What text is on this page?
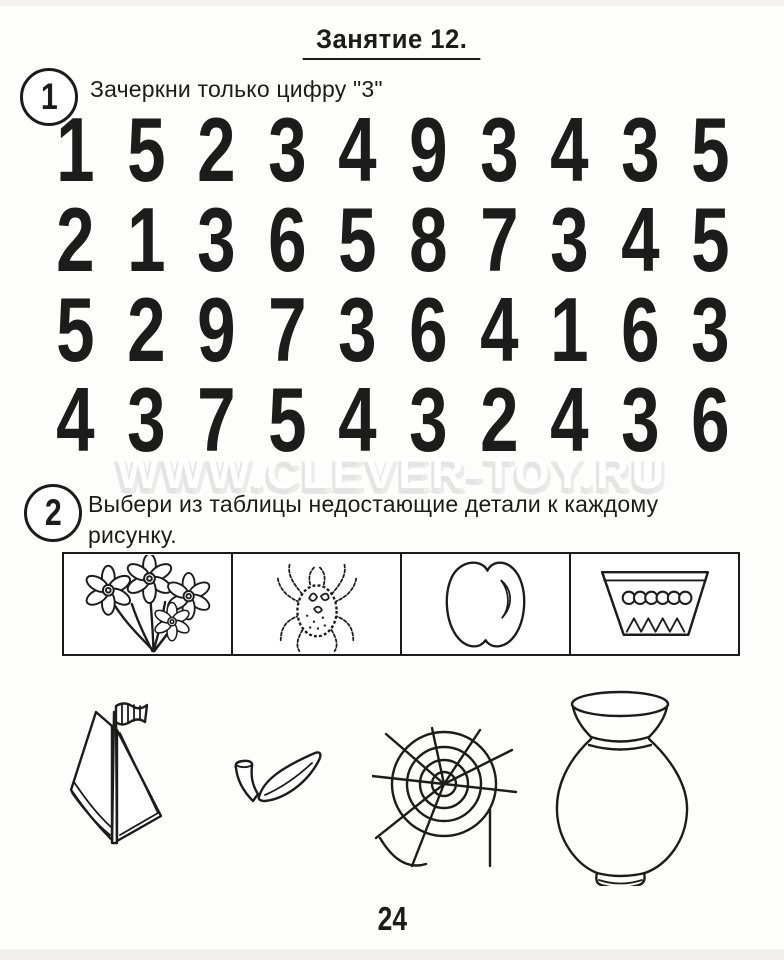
Занятие 12.
1 Зачеркни только цифру "3"
1 5 2 3 4 9 3 4 3 5
2 1 3 6 5 8 7 3 4 5
5 2 9 7 3 6 4 1 6 3
4 3 7 5 4 3 2 4 3 6
WWW.CLEVER-TOY.RU
2 Выбери из таблицы недостающие детали к каждому
рисунку.
24
